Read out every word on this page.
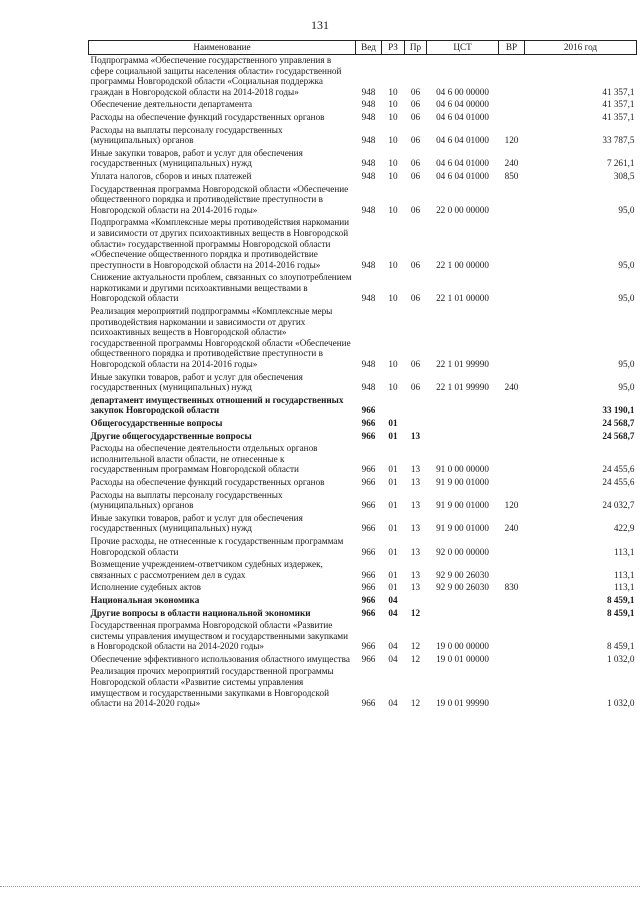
131
Наименование	Вед	РЗ	Пр	ЦСТ	ВР	2016 год
Подпрограмма «Обеспечение государственного управления в сфере социальной защиты населения области» государственной программы Новгородской области «Социальная поддержка граждан в Новгородской области на 2014-2018 годы»	948	10	06	04 6 00 00000		41 357,1
Обеспечение деятельности департамента	948	10	06	04 6 04 00000		41 357,1
Расходы на обеспечение функций государственных органов	948	10	06	04 6 04 01000		41 357,1
Расходы на выплаты персоналу государственных (муниципальных) органов	948	10	06	04 6 04 01000	120	33 787,5
Иные закупки товаров, работ и услуг для обеспечения государственных (муниципальных) нужд	948	10	06	04 6 04 01000	240	7 261,1
Уплата налогов, сборов и иных платежей	948	10	06	04 6 04 01000	850	308,5
Государственная программа Новгородской области «Обеспечение общественного порядка и противодействие преступности в Новгородской области на 2014-2016 годы»	948	10	06	22 0 00 00000		95,0
Подпрограмма «Комплексные меры противодействия наркомании и зависимости от других психоактивных веществ в Новгородской области» государственной программы Новгородской области «Обеспечение общественного порядка и противодействие преступности в Новгородской области на 2014-2016 годы»	948	10	06	22 1 00 00000		95,0
Снижение актуальности проблем, связанных со злоупотреблением наркотиками и другими психоактивными веществами в Новгородской области	948	10	06	22 1 01 00000		95,0
Реализация мероприятий подпрограммы «Комплексные меры противодействия наркомании и зависимости от других психоактивных веществ в Новгородской области» государственной программы Новгородской области «Обеспечение общественного порядка и противодействие преступности в Новгородской области на 2014-2016 годы»	948	10	06	22 1 01 99990		95,0
Иные закупки товаров, работ и услуг для обеспечения государственных (муниципальных) нужд	948	10	06	22 1 01 99990	240	95,0
департамент имущественных отношений и государственных закупок Новгородской области	966					33 190,1
Общегосударственные вопросы	966	01				24 568,7
Другие общегосударственные вопросы	966	01	13			24 568,7
Расходы на обеспечение деятельности отдельных органов исполнительной власти области, не отнесенные к государственным программам Новгородской области	966	01	13	91 0 00 00000		24 455,6
Расходы на обеспечение функций государственных органов	966	01	13	91 9 00 01000		24 455,6
Расходы на выплаты персоналу государственных (муниципальных) органов	966	01	13	91 9 00 01000	120	24 032,7
Иные закупки товаров, работ и услуг для обеспечения государственных (муниципальных) нужд	966	01	13	91 9 00 01000	240	422,9
Прочие расходы, не отнесенные к государственным программам Новгородской области	966	01	13	92 0 00 00000		113,1
Возмещение учреждением-ответчиком судебных издержек, связанных с рассмотрением дел в судах	966	01	13	92 9 00 26030		113,1
Исполнение судебных актов	966	01	13	92 9 00 26030	830	113,1
Национальная экономика	966	04				8 459,1
Другие вопросы в области национальной экономики	966	04	12			8 459,1
Государственная программа Новгородской области «Развитие системы управления имуществом и государственными закупками в Новгородской области на 2014-2020 годы»	966	04	12	19 0 00 00000		8 459,1
Обеспечение эффективного использования областного имущества	966	04	12	19 0 01 00000		1 032,0
Реализация прочих мероприятий государственной программы Новгородской области «Развитие системы управления имуществом и государственными закупками в Новгородской области на 2014-2020 годы»	966	04	12	19 0 01 99990		1 032,0
